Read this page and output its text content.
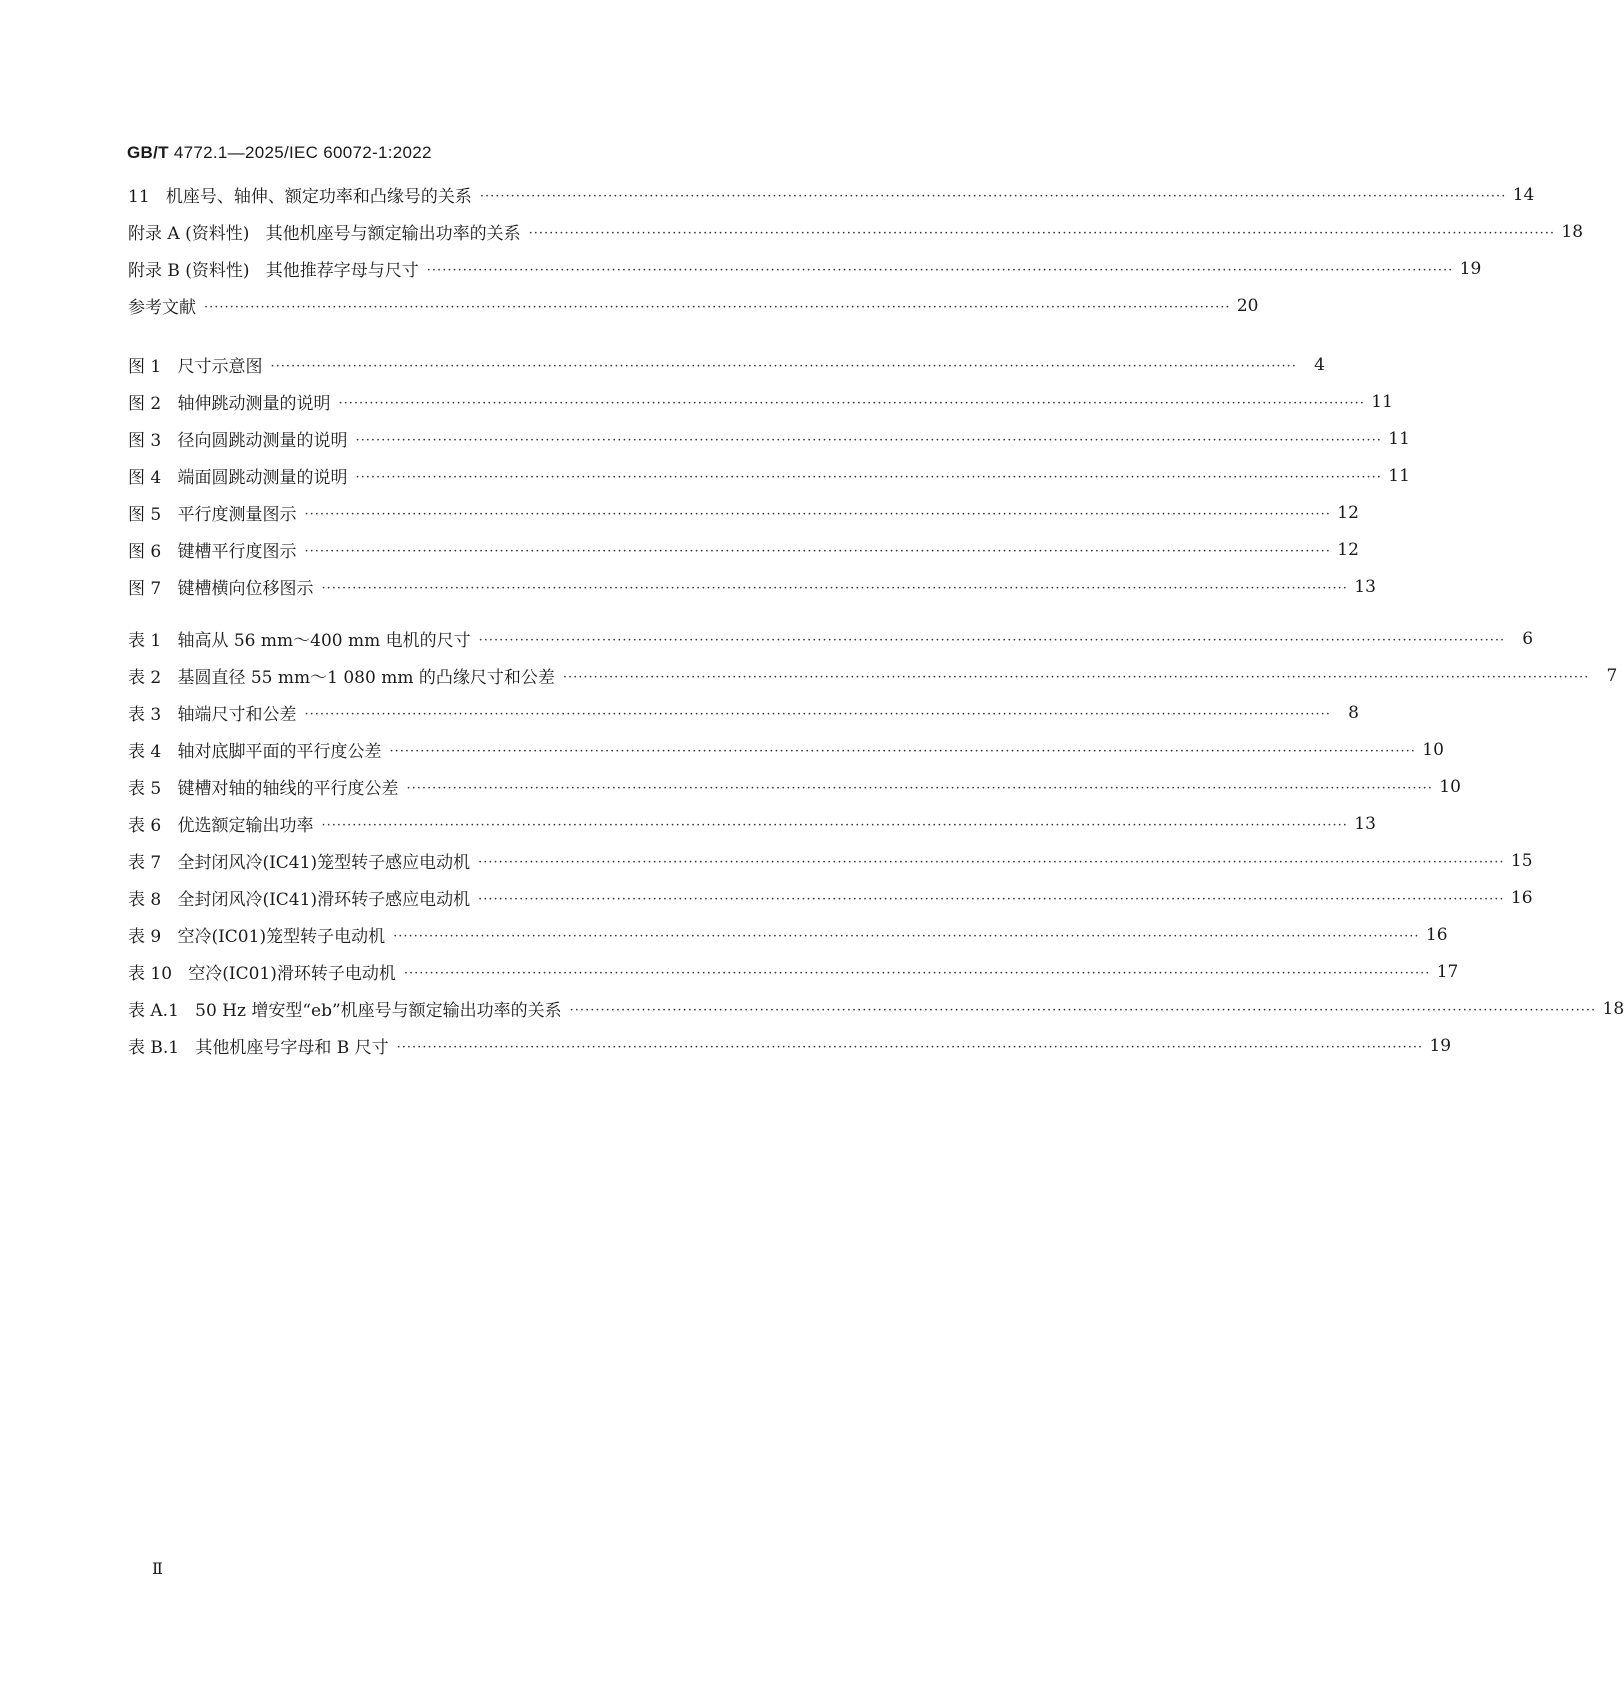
GB/T 4772.1—2025/IEC 60072-1:2022
11 机座号、轴伸、额定功率和凸缘号的关系 ········································································································································································································ 14
附录 A (资料性) 其他机座号与额定输出功率的关系 ········································································································································································································ 18
附录 B (资料性) 其他推荐字母与尺寸 ········································································································································································································ 19
参考文献 ········································································································································································································ 20
图 1 尺寸示意图 ········································································································································································································	4
图 2 轴伸跳动测量的说明 ········································································································································································································ 11
图 3 径向圆跳动测量的说明 ········································································································································································································ 11
图 4 端面圆跳动测量的说明 ········································································································································································································ 11
图 5 平行度测量图示 ········································································································································································································ 12
图 6 键槽平行度图示 ········································································································································································································ 12
图 7 键槽横向位移图示 ········································································································································································································ 13
表 1 轴高从 56 mm～400 mm 电机的尺寸 ········································································································································································································	6
表 2 基圆直径 55 mm～1 080 mm 的凸缘尺寸和公差 ········································································································································································································	7
表 3 轴端尺寸和公差 ········································································································································································································	8
表 4 轴对底脚平面的平行度公差 ········································································································································································································ 10
表 5 键槽对轴的轴线的平行度公差 ········································································································································································································ 10
表 6 优选额定输出功率 ········································································································································································································ 13
表 7 全封闭风冷(IC41)笼型转子感应电动机 ········································································································································································································ 15
表 8 全封闭风冷(IC41)滑环转子感应电动机 ········································································································································································································ 16
表 9 空冷(IC01)笼型转子电动机 ········································································································································································································ 16
表 10 空冷(IC01)滑环转子电动机 ········································································································································································································ 17
表 A.1 50 Hz 增安型“eb”机座号与额定输出功率的关系 ········································································································································································································ 18
表 B.1 其他机座号字母和 B 尺寸 ········································································································································································································ 19
Ⅱ
